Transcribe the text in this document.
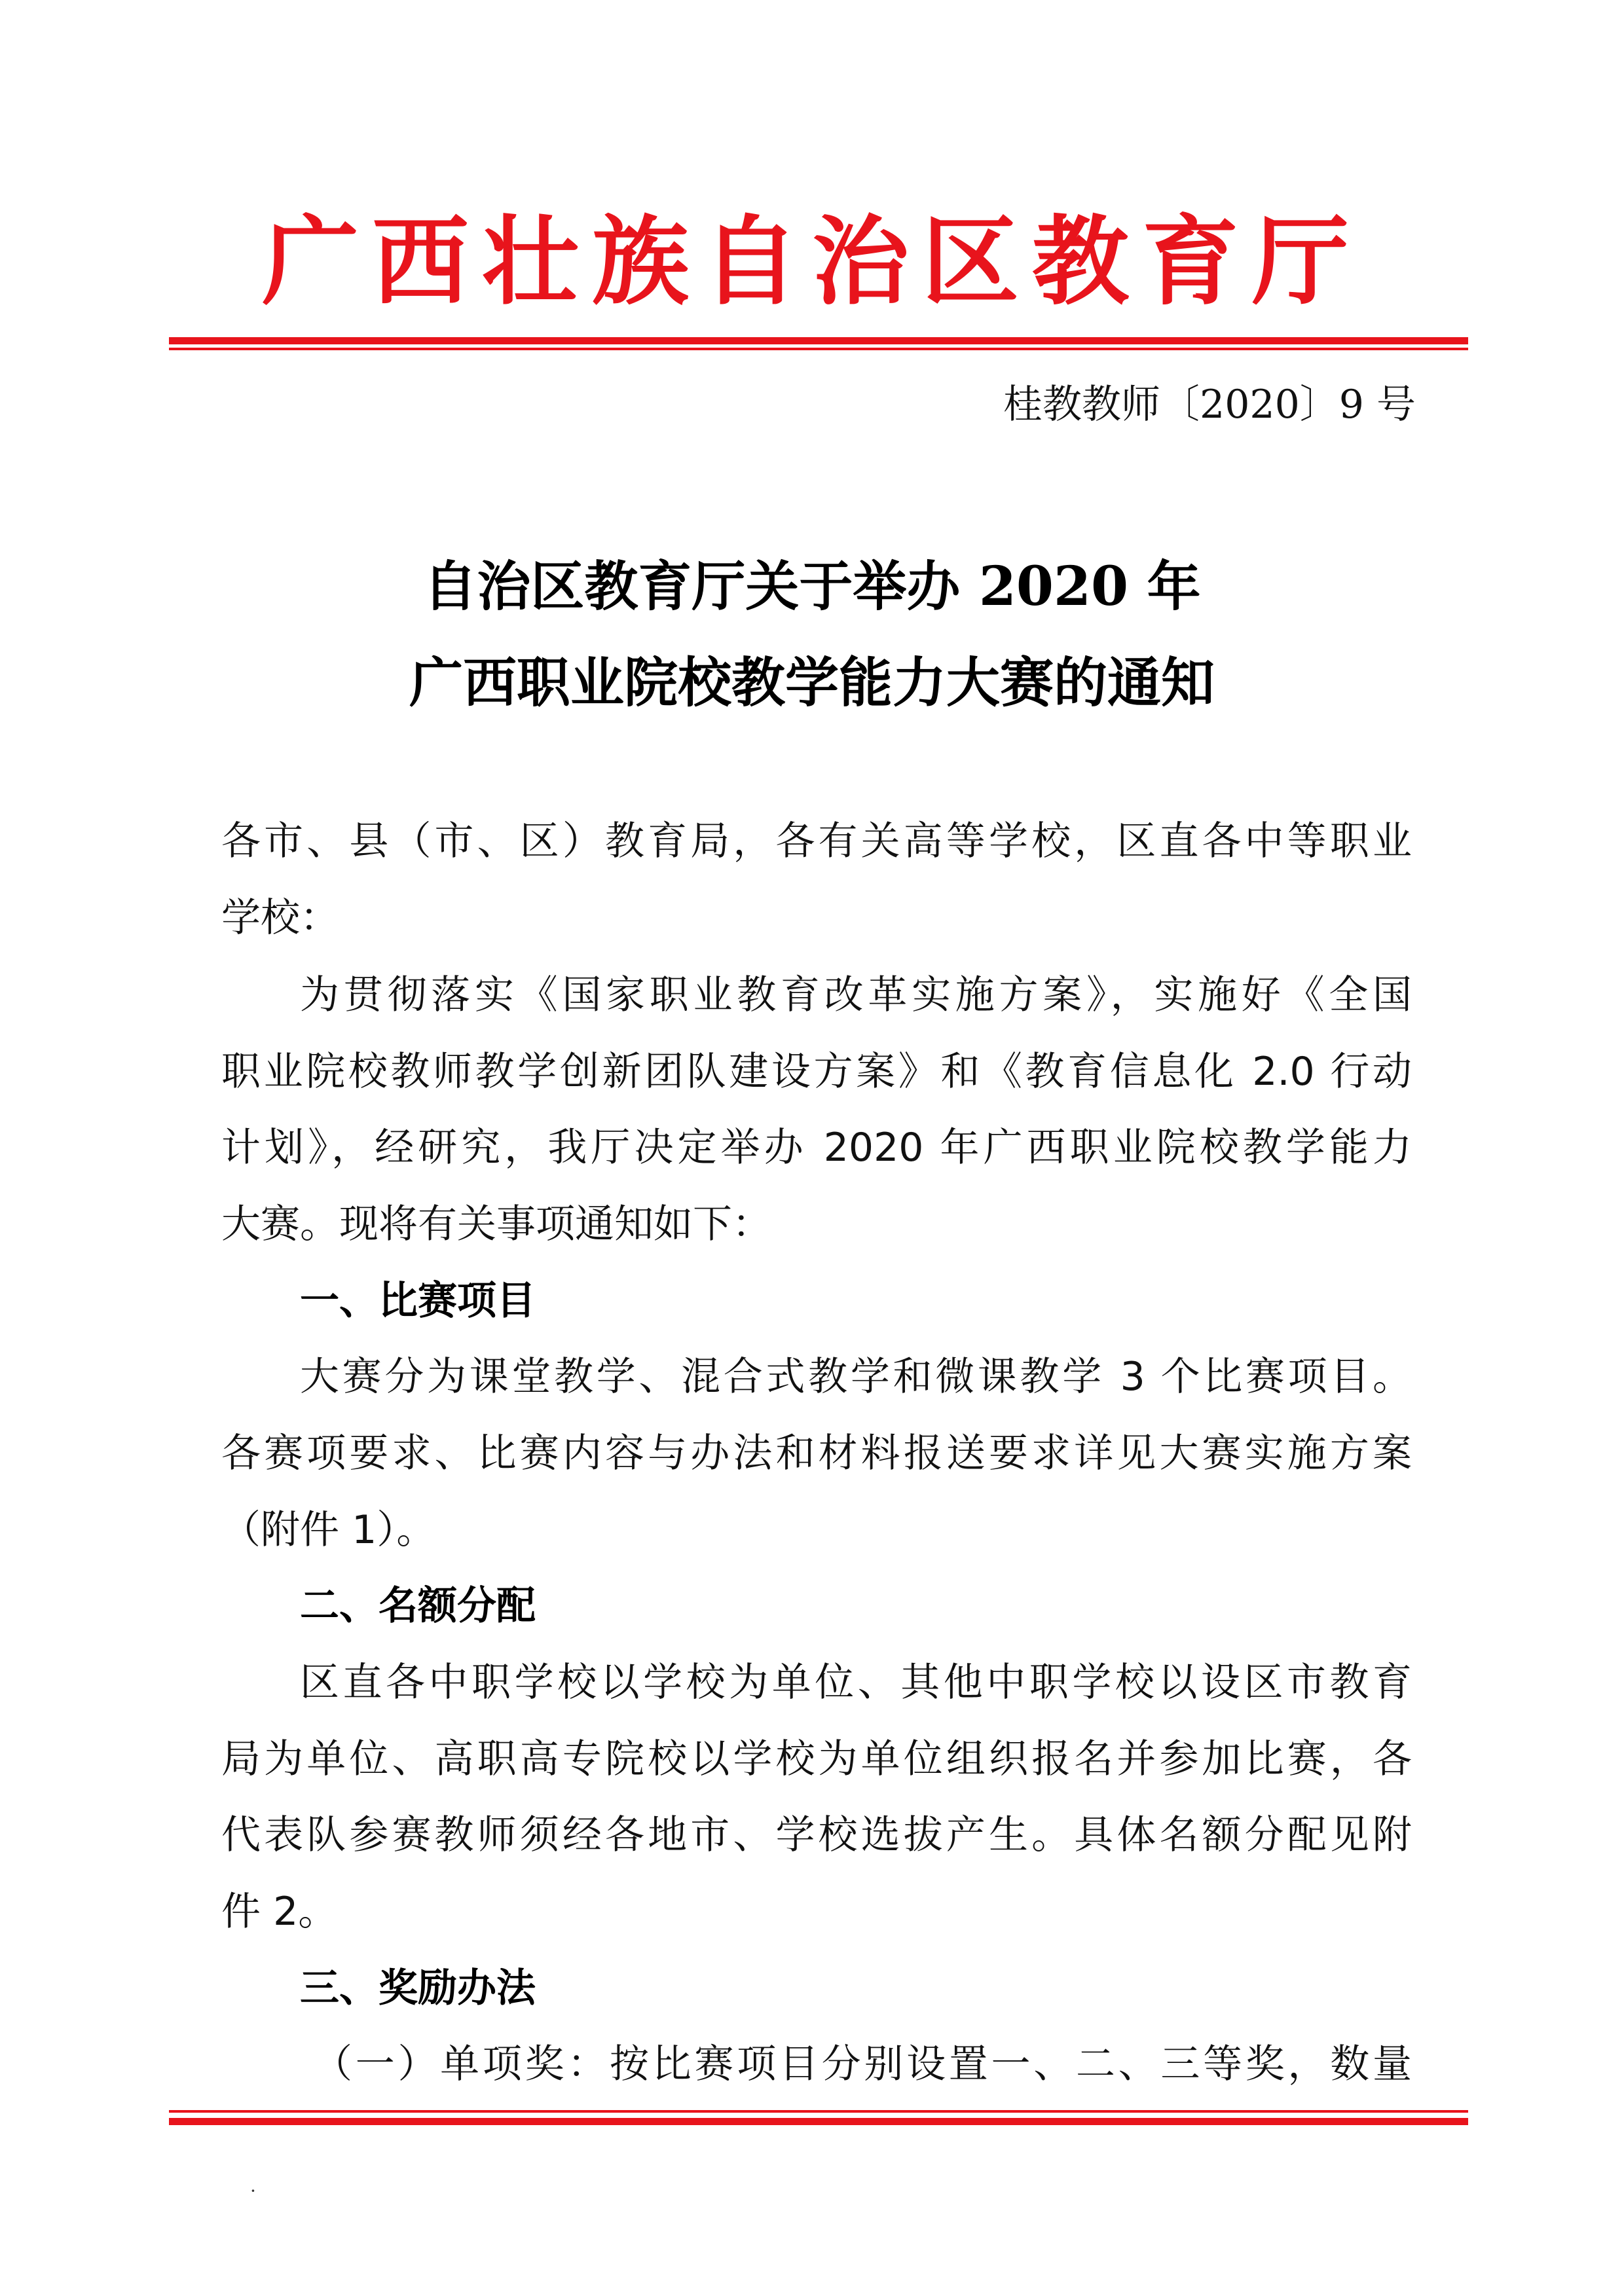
广西壮族自治区教育厅
桂教教师〔2020〕9 号
自治区教育厅关于举办 2020 年
广西职业院校教学能力大赛的通知
各市、县（市、区）教育局，各有关高等学校，区直各中等职业
学校：
为贯彻落实《国家职业教育改革实施方案》，实施好《全国
职业院校教师教学创新团队建设方案》和《教育信息化 2.0 行动
计划》，经研究，我厅决定举办 2020 年广西职业院校教学能力
大赛。现将有关事项通知如下：
一、比赛项目
大赛分为课堂教学、混合式教学和微课教学 3 个比赛项目。
各赛项要求、比赛内容与办法和材料报送要求详见大赛实施方案
（附件 1）。
二、名额分配
区直各中职学校以学校为单位、其他中职学校以设区市教育
局为单位、高职高专院校以学校为单位组织报名并参加比赛，各
代表队参赛教师须经各地市、学校选拔产生。具体名额分配见附
件 2。
三、奖励办法
（一）单项奖：按比赛项目分别设置一、二、三等奖，数量
·
